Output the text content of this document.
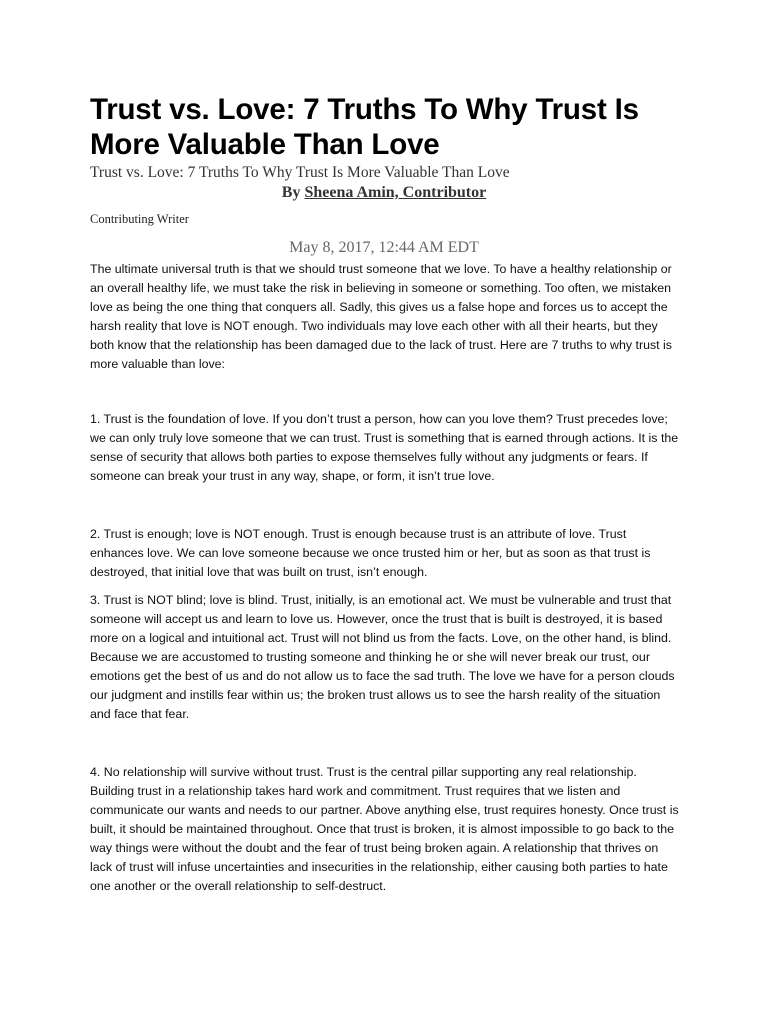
Trust vs. Love: 7 Truths To Why Trust Is More Valuable Than Love
Trust vs. Love: 7 Truths To Why Trust Is More Valuable Than Love
By Sheena Amin, Contributor
Contributing Writer
May 8, 2017, 12:44 AM EDT

The ultimate universal truth is that we should trust someone that we love. To have a healthy relationship or an overall healthy life, we must take the risk in believing in someone or something. Too often, we mistaken love as being the one thing that conquers all. Sadly, this gives us a false hope and forces us to accept the harsh reality that love is NOT enough. Two individuals may love each other with all their hearts, but they both know that the relationship has been damaged due to the lack of trust. Here are 7 truths to why trust is more valuable than love:

1. Trust is the foundation of love. If you don’t trust a person, how can you love them? Trust precedes love; we can only truly love someone that we can trust. Trust is something that is earned through actions. It is the sense of security that allows both parties to expose themselves fully without any judgments or fears. If someone can break your trust in any way, shape, or form, it isn’t true love.

2. Trust is enough; love is NOT enough. Trust is enough because trust is an attribute of love. Trust enhances love. We can love someone because we once trusted him or her, but as soon as that trust is destroyed, that initial love that was built on trust, isn’t enough.

3. Trust is NOT blind; love is blind. Trust, initially, is an emotional act. We must be vulnerable and trust that someone will accept us and learn to love us. However, once the trust that is built is destroyed, it is based more on a logical and intuitional act. Trust will not blind us from the facts. Love, on the other hand, is blind. Because we are accustomed to trusting someone and thinking he or she will never break our trust, our emotions get the best of us and do not allow us to face the sad truth. The love we have for a person clouds our judgment and instills fear within us; the broken trust allows us to see the harsh reality of the situation and face that fear.

4. No relationship will survive without trust. Trust is the central pillar supporting any real relationship. Building trust in a relationship takes hard work and commitment. Trust requires that we listen and communicate our wants and needs to our partner. Above anything else, trust requires honesty. Once trust is built, it should be maintained throughout. Once that trust is broken, it is almost impossible to go back to the way things were without the doubt and the fear of trust being broken again. A relationship that thrives on lack of trust will infuse uncertainties and insecurities in the relationship, either causing both parties to hate one another or the overall relationship to self-destruct.
